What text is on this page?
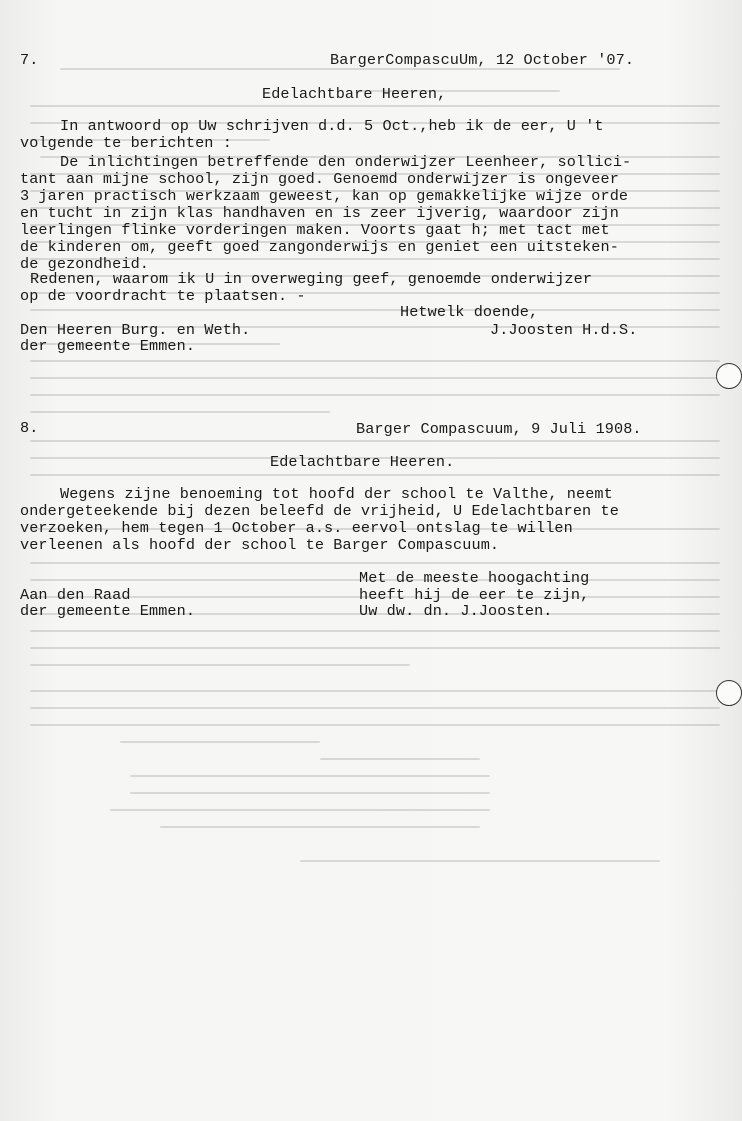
7.	BargerCompascuUm, 12 October '07.
Edelachtbare Heeren,
In antwoord op Uw schrijven d.d. 5 Oct.,heb ik de eer, U 't
volgende te berichten :
De inlichtingen betreffende den onderwijzer Leenheer, sollici-
tant aan mijne school, zijn goed. Genoemd onderwijzer is ongeveer
3 jaren practisch werkzaam geweest, kan op gemakkelijke wijze orde
en tucht in zijn klas handhaven en is zeer ijverig, waardoor zijn
leerlingen flinke vorderingen maken. Voorts gaat h; met tact met
de kinderen om, geeft goed zangonderwijs en geniet een uitsteken-
de gezondheid.
Redenen, waarom ik U in overweging geef, genoemde onderwijzer
op de voordracht te plaatsen. -
Hetwelk doende,
Den Heeren Burg. en Weth.	J.Joosten H.d.S.
der gemeente Emmen.
8.	Barger Compascuum, 9 Juli 1908.
Edelachtbare Heeren.
Wegens zijne benoeming tot hoofd der school te Valthe, neemt
ondergeteekende bij dezen beleefd de vrijheid, U Edelachtbaren te
verzoeken, hem tegen 1 October a.s. eervol ontslag te willen
verleenen als hoofd der school te Barger Compascuum.
Met de meeste hoogachting
Aan den Raad	heeft hij de eer te zijn,
der gemeente Emmen.	Uw dw. dn. J.Joosten.
